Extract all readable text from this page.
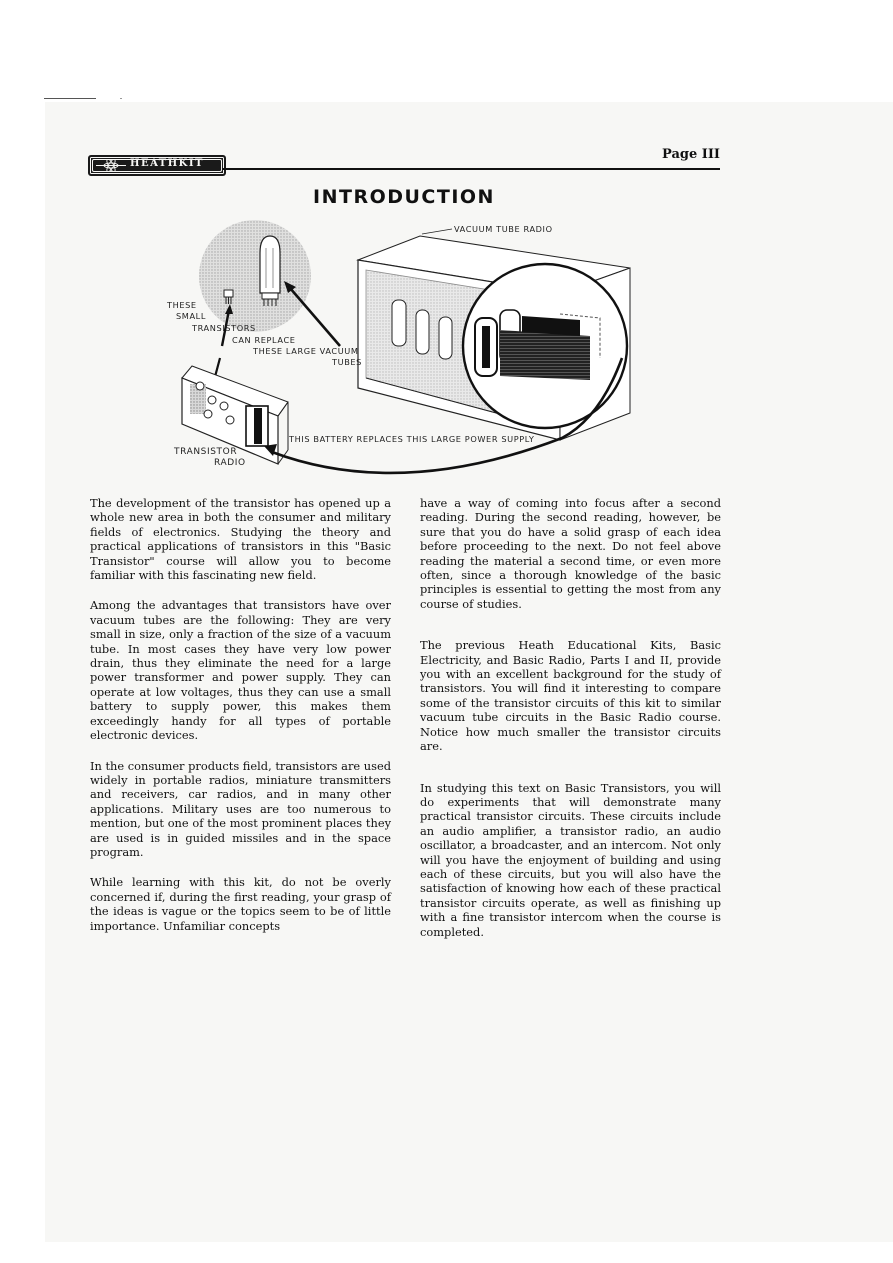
HEATHKIT
Page III
INTRODUCTION
VACUUM TUBE RADIO
THESE
SMALL
TRANSISTORS
CAN REPLACE
THESE LARGE VACUUM
TUBES
THIS BATTERY REPLACES THIS LARGE POWER SUPPLY
TRANSISTOR
RADIO

The development of the transistor has opened up a whole new area in both the consumer and military fields of electronics. Studying the theory and practical applications of transistors in this "Basic Transistor" course will allow you to become familiar with this fascinating new field.

Among the advantages that transistors have over vacuum tubes are the following: They are very small in size, only a fraction of the size of a vacuum tube. In most cases they have very low power drain, thus they eliminate the need for a large power transformer and power supply. They can operate at low voltages, thus they can use a small battery to supply power, this makes them exceedingly handy for all types of portable electronic devices.

In the consumer products field, transistors are used widely in portable radios, miniature transmitters and receivers, car radios, and in many other applications. Military uses are too numerous to mention, but one of the most prominent places they are used is in guided missiles and in the space program.

While learning with this kit, do not be overly concerned if, during the first reading, your grasp of the ideas is vague or the topics seem to be of little importance. Unfamiliar concepts

have a way of coming into focus after a second reading. During the second reading, however, be sure that you do have a solid grasp of each idea before proceeding to the next. Do not feel above reading the material a second time, or even more often, since a thorough knowledge of the basic principles is essential to getting the most from any course of studies.

The previous Heath Educational Kits, Basic Electricity, and Basic Radio, Parts I and II, provide you with an excellent background for the study of transistors. You will find it interesting to compare some of the transistor circuits of this kit to similar vacuum tube circuits in the Basic Radio course. Notice how much smaller the transistor circuits are.

In studying this text on Basic Transistors, you will do experiments that will demonstrate many practical transistor circuits. These circuits include an audio amplifier, a transistor radio, an audio oscillator, a broadcaster, and an intercom. Not only will you have the enjoyment of building and using each of these circuits, but you will also have the satisfaction of knowing how each of these practical transistor circuits operate, as well as finishing up with a fine transistor intercom when the course is completed.
